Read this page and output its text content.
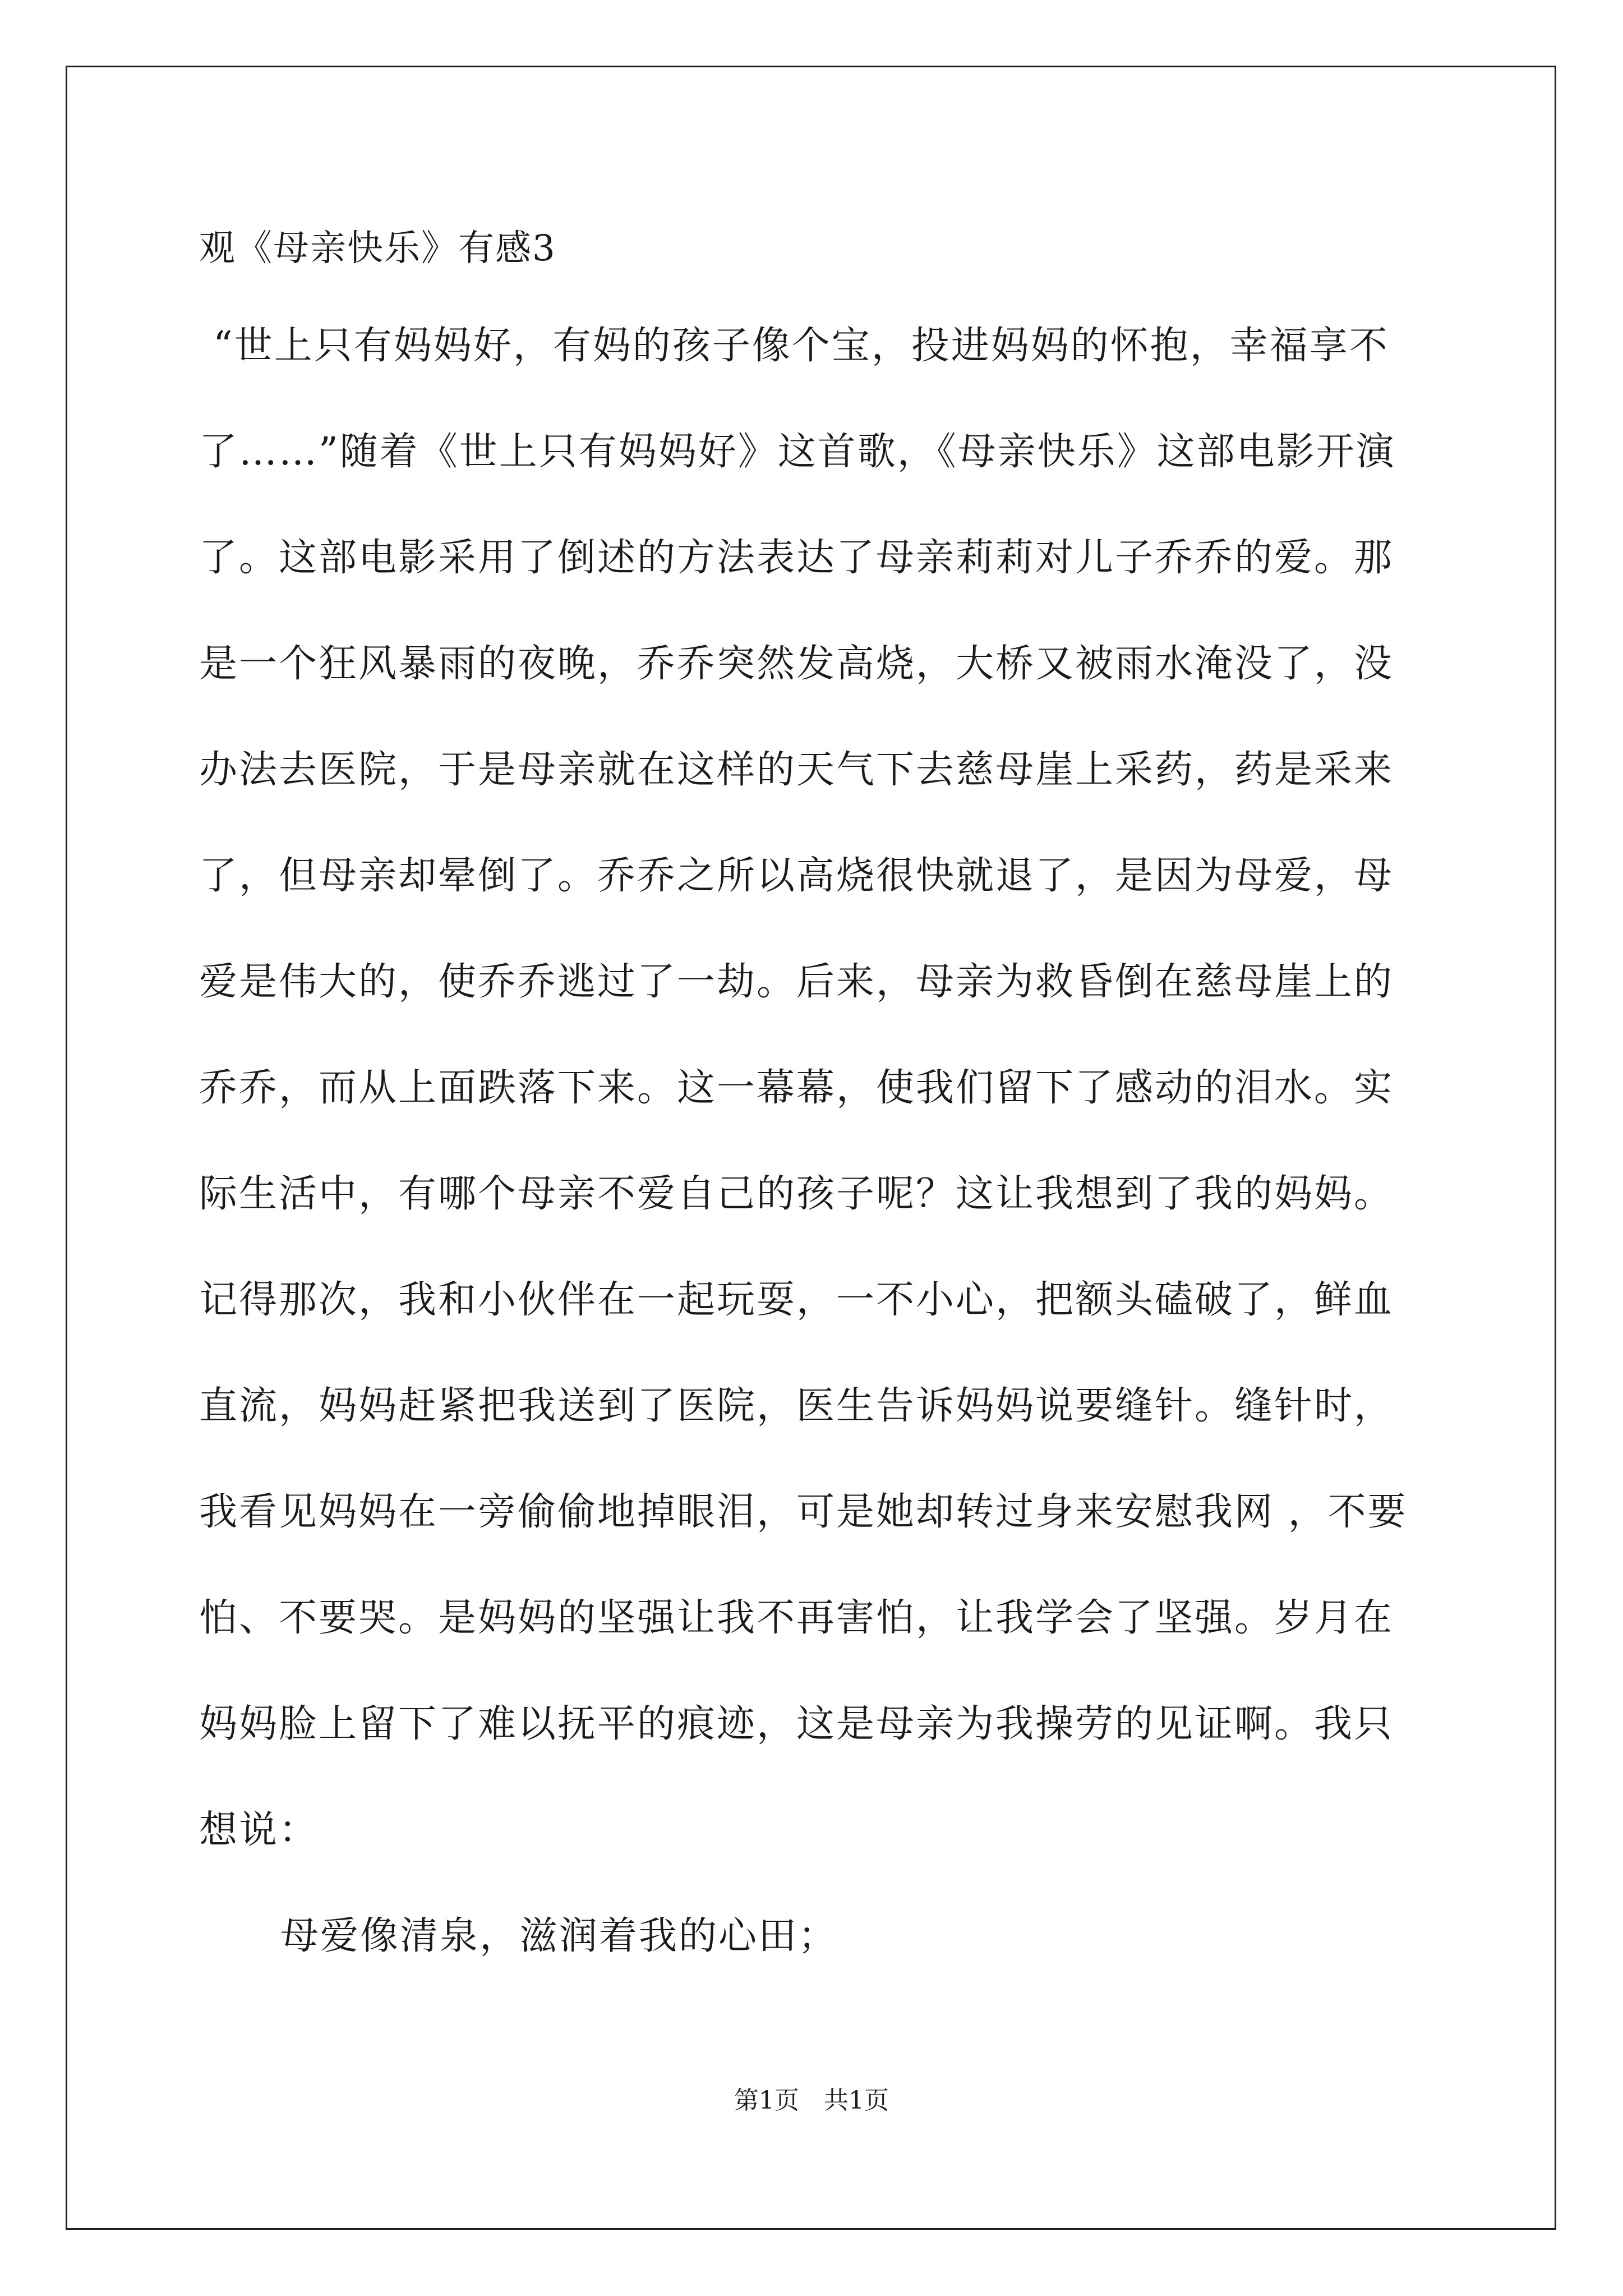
观《母亲快乐》有感3
“世上只有妈妈好，有妈的孩子像个宝，投进妈妈的怀抱，幸福享不
了……”随着《世上只有妈妈好》这首歌，《母亲快乐》这部电影开演
了。这部电影采用了倒述的方法表达了母亲莉莉对儿子乔乔的爱。那
是一个狂风暴雨的夜晚，乔乔突然发高烧，大桥又被雨水淹没了，没
办法去医院，于是母亲就在这样的天气下去慈母崖上采药，药是采来
了，但母亲却晕倒了。乔乔之所以高烧很快就退了，是因为母爱，母
爱是伟大的，使乔乔逃过了一劫。后来，母亲为救昏倒在慈母崖上的
乔乔，而从上面跌落下来。这一幕幕，使我们留下了感动的泪水。实
际生活中，有哪个母亲不爱自己的孩子呢？这让我想到了我的妈妈。
记得那次，我和小伙伴在一起玩耍，一不小心，把额头磕破了，鲜血
直流，妈妈赶紧把我送到了医院，医生告诉妈妈说要缝针。缝针时，
我看见妈妈在一旁偷偷地掉眼泪，可是她却转过身来安慰我网 ，不要
怕、不要哭。是妈妈的坚强让我不再害怕，让我学会了坚强。岁月在
妈妈脸上留下了难以抚平的痕迹，这是母亲为我操劳的见证啊。我只
想说：
母爱像清泉，滋润着我的心田；
第1页　共1页
